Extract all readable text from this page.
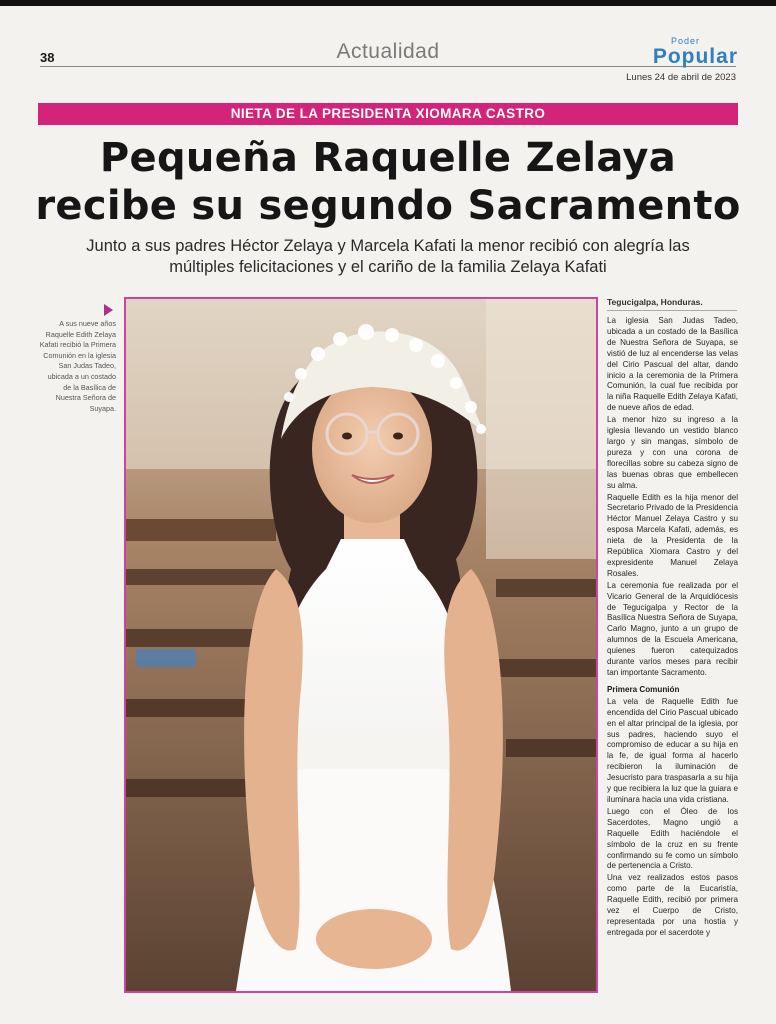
38	Actualidad	Poder
Popular
Lunes 24 de abril de 2023
NIETA DE LA PRESIDENTA XIOMARA CASTRO
Pequeña Raquelle Zelaya
recibe su segundo Sacramento
Junto a sus padres Héctor Zelaya y Marcela Kafati la menor recibió con alegría las
múltiples felicitaciones y el cariño de la familia Zelaya Kafati
A sus nueve años Raquelle Edith Zelaya Kafati recibió la Primera Comunión en la iglesia San Judas Tadeo, ubicada a un costado de la Basílica de Nuestra Señora de Suyapa.
Tegucigalpa, Honduras.

La iglesia San Judas Tadeo, ubicada a un costado de la Basílica de Nuestra Señora de Suyapa, se vistió de luz al encenderse las velas del Cirio Pascual del altar, dando inicio a la ceremonia de la Primera Comunión, la cual fue recibida por la niña Raquelle Edith Zelaya Kafati, de nueve años de edad.

La menor hizo su ingreso a la iglesia llevando un vestido blanco largo y sin mangas, símbolo de pureza y con una corona de florecillas sobre su cabeza signo de las buenas obras que embellecen su alma.

Raquelle Edith es la hija menor del Secretario Privado de la Presidencia Héctor Manuel Zelaya Castro y su esposa Marcela Kafati, además, es nieta de la Presidenta de la República Xiomara Castro y del expresidente Manuel Zelaya Rosales.

La ceremonia fue realizada por el Vicario General de la Arquidiócesis de Tegucigalpa y Rector de la Basílica Nuestra Señora de Suyapa, Carlo Magno, junto a un grupo de alumnos de la Escuela Americana, quienes fueron catequizados durante varios meses para recibir tan importante Sacramento.

Primera Comunión

La vela de Raquelle Edith fue encendida del Cirio Pascual ubicado en el altar principal de la iglesia, por sus padres, haciendo suyo el compromiso de educar a su hija en la fe, de igual forma al hacerlo recibieron la iluminación de Jesucristo para traspasarla a su hija y que recibiera la luz que la guiara e iluminara hacia una vida cristiana.

Luego con el Óleo de los Sacerdotes, Magno ungió a Raquelle Edith haciéndole el símbolo de la cruz en su frente confirmando su fe como un símbolo de pertenencia a Cristo.

Una vez realizados estos pasos como parte de la Eucaristía, Raquelle Edith, recibió por primera vez el Cuerpo de Cristo, representada por una hostia y entregada por el sacerdote y
